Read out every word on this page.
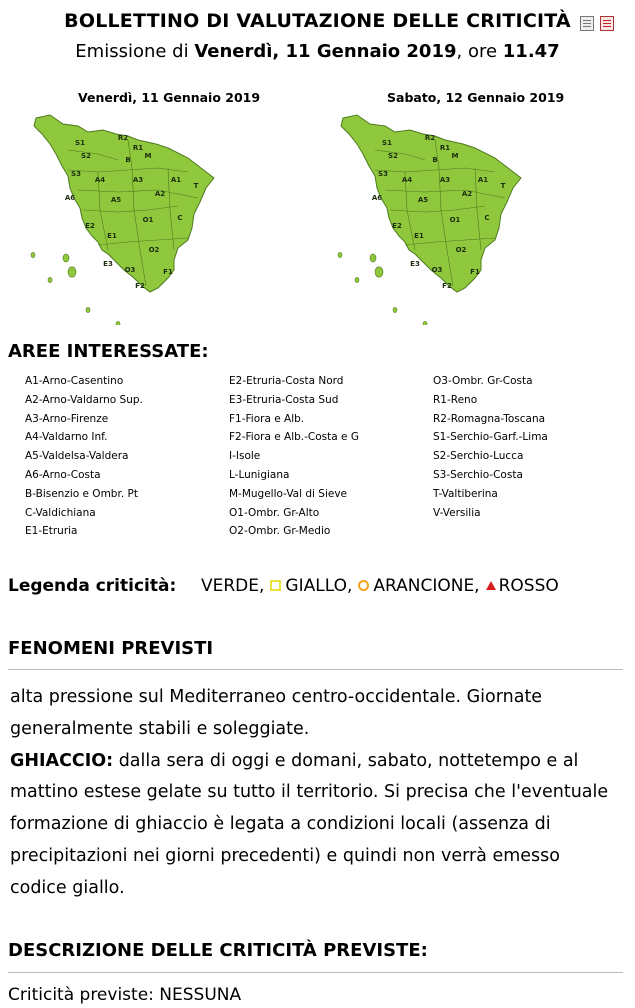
BOLLETTINO DI VALUTAZIONE DELLE CRITICITÀ
Emissione di Venerdì, 11 Gennaio 2019, ore 11.47
Venerdì, 11 Gennaio 2019	Sabato, 12 Gennaio 2019
S1
R2
S2
R1
B M
S3
A4	A3	A1
T
A6	A5
A2
O1	C
E2
E1
O2
E3
O3	F1
F2
S1
R2
S2
R1
B M
S3
A4	A3	A1
T
A6	A5
A2
O1	C
E2
E1
O2
E3
O3	F1
F2
AREE INTERESSATE:
A1-Arno-Casentino
A2-Arno-Valdarno Sup.
A3-Arno-Firenze
A4-Valdarno Inf.
A5-Valdelsa-Valdera
A6-Arno-Costa
B-Bisenzio e Ombr. Pt
C-Valdichiana
E1-Etruria
E2-Etruria-Costa Nord
E3-Etruria-Costa Sud
F1-Fiora e Alb.
F2-Fiora e Alb.-Costa e G
I-Isole
L-Lunigiana
M-Mugello-Val di Sieve
O1-Ombr. Gr-Alto
O2-Ombr. Gr-Medio
O3-Ombr. Gr-Costa
R1-Reno
R2-Romagna-Toscana
S1-Serchio-Garf.-Lima
S2-Serchio-Lucca
S3-Serchio-Costa
T-Valtiberina
V-Versilia
Legenda criticità:	VERDE, GIALLO, ARANCIONE, ROSSO
FENOMENI PREVISTI
alta pressione sul Mediterraneo centro-occidentale. Giornate generalmente stabili e soleggiate.
GHIACCIO: dalla sera di oggi e domani, sabato, nottetempo e al mattino estese gelate su tutto il territorio. Si precisa che l'eventuale formazione di ghiaccio è legata a condizioni locali (assenza di precipitazioni nei giorni precedenti) e quindi non verrà emesso codice giallo.
DESCRIZIONE DELLE CRITICITÀ PREVISTE:
Criticità previste: NESSUNA
